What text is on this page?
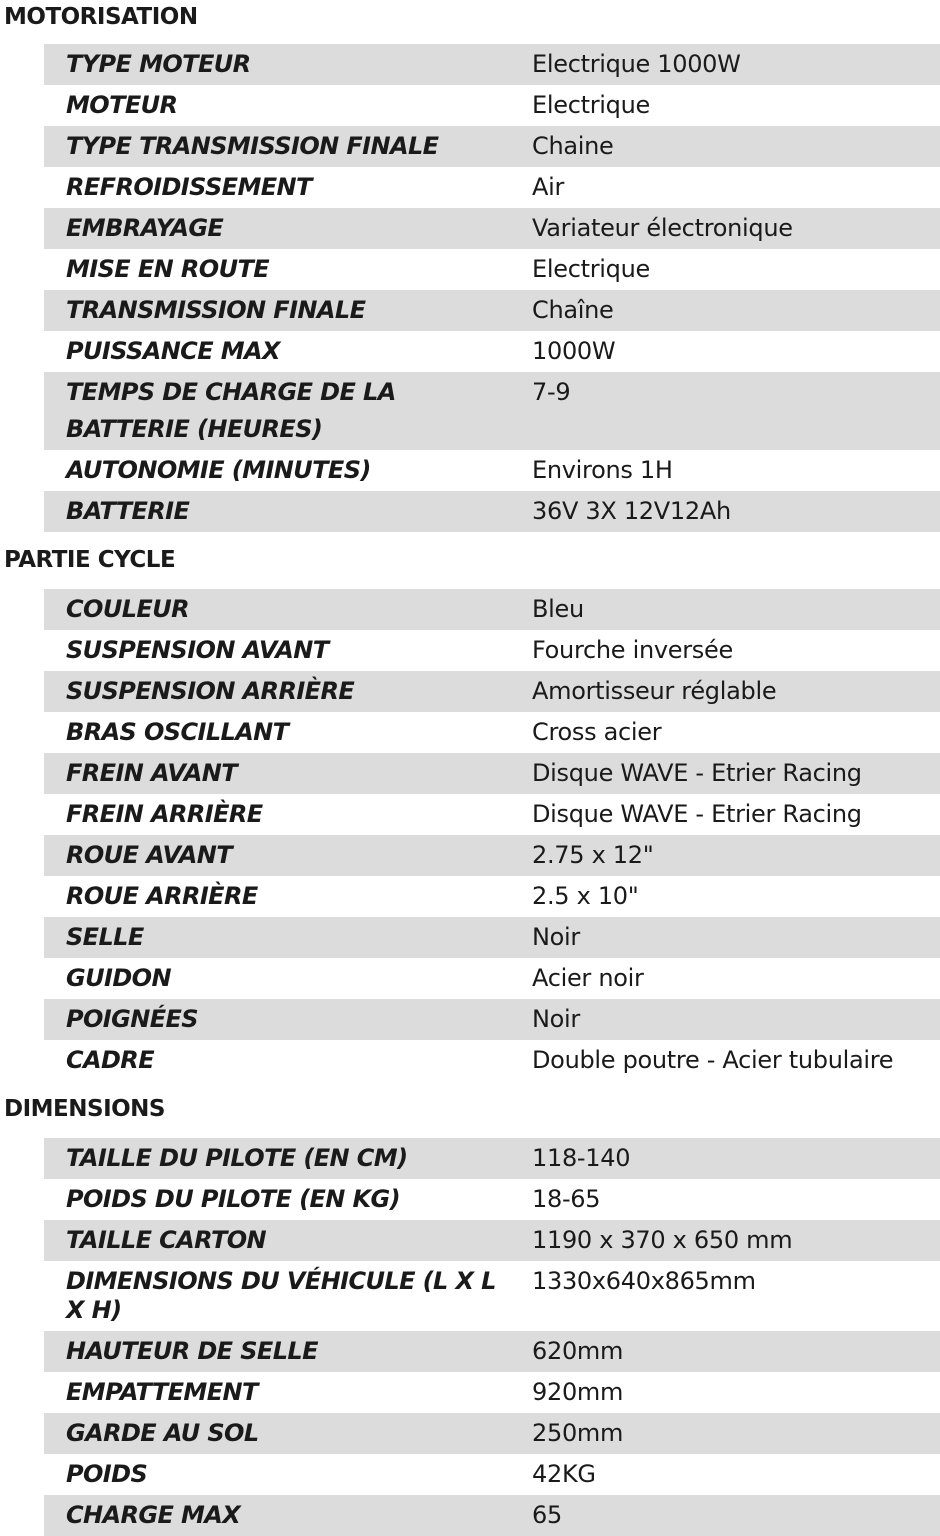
MOTORISATION
TYPE MOTEUR	Electrique 1000W
MOTEUR	Electrique
TYPE TRANSMISSION FINALE	Chaine
REFROIDISSEMENT	Air
EMBRAYAGE	Variateur électronique
MISE EN ROUTE	Electrique
TRANSMISSION FINALE	Chaîne
PUISSANCE MAX	1000W
TEMPS DE CHARGE DE LA BATTERIE (HEURES)	7-9
AUTONOMIE (MINUTES)	Environs 1H
BATTERIE	36V 3X 12V12Ah
PARTIE CYCLE
COULEUR	Bleu
SUSPENSION AVANT	Fourche inversée
SUSPENSION ARRIÈRE	Amortisseur réglable
BRAS OSCILLANT	Cross acier
FREIN AVANT	Disque WAVE - Etrier Racing
FREIN ARRIÈRE	Disque WAVE - Etrier Racing
ROUE AVANT	2.75 x 12"
ROUE ARRIÈRE	2.5 x 10"
SELLE	Noir
GUIDON	Acier noir
POIGNÉES	Noir
CADRE	Double poutre - Acier tubulaire
DIMENSIONS
TAILLE DU PILOTE (EN CM)	118-140
POIDS DU PILOTE (EN KG)	18-65
TAILLE CARTON	1190 x 370 x 650 mm
DIMENSIONS DU VÉHICULE (L X L X H)	1330x640x865mm
HAUTEUR DE SELLE	620mm
EMPATTEMENT	920mm
GARDE AU SOL	250mm
POIDS	42KG
CHARGE MAX	65
